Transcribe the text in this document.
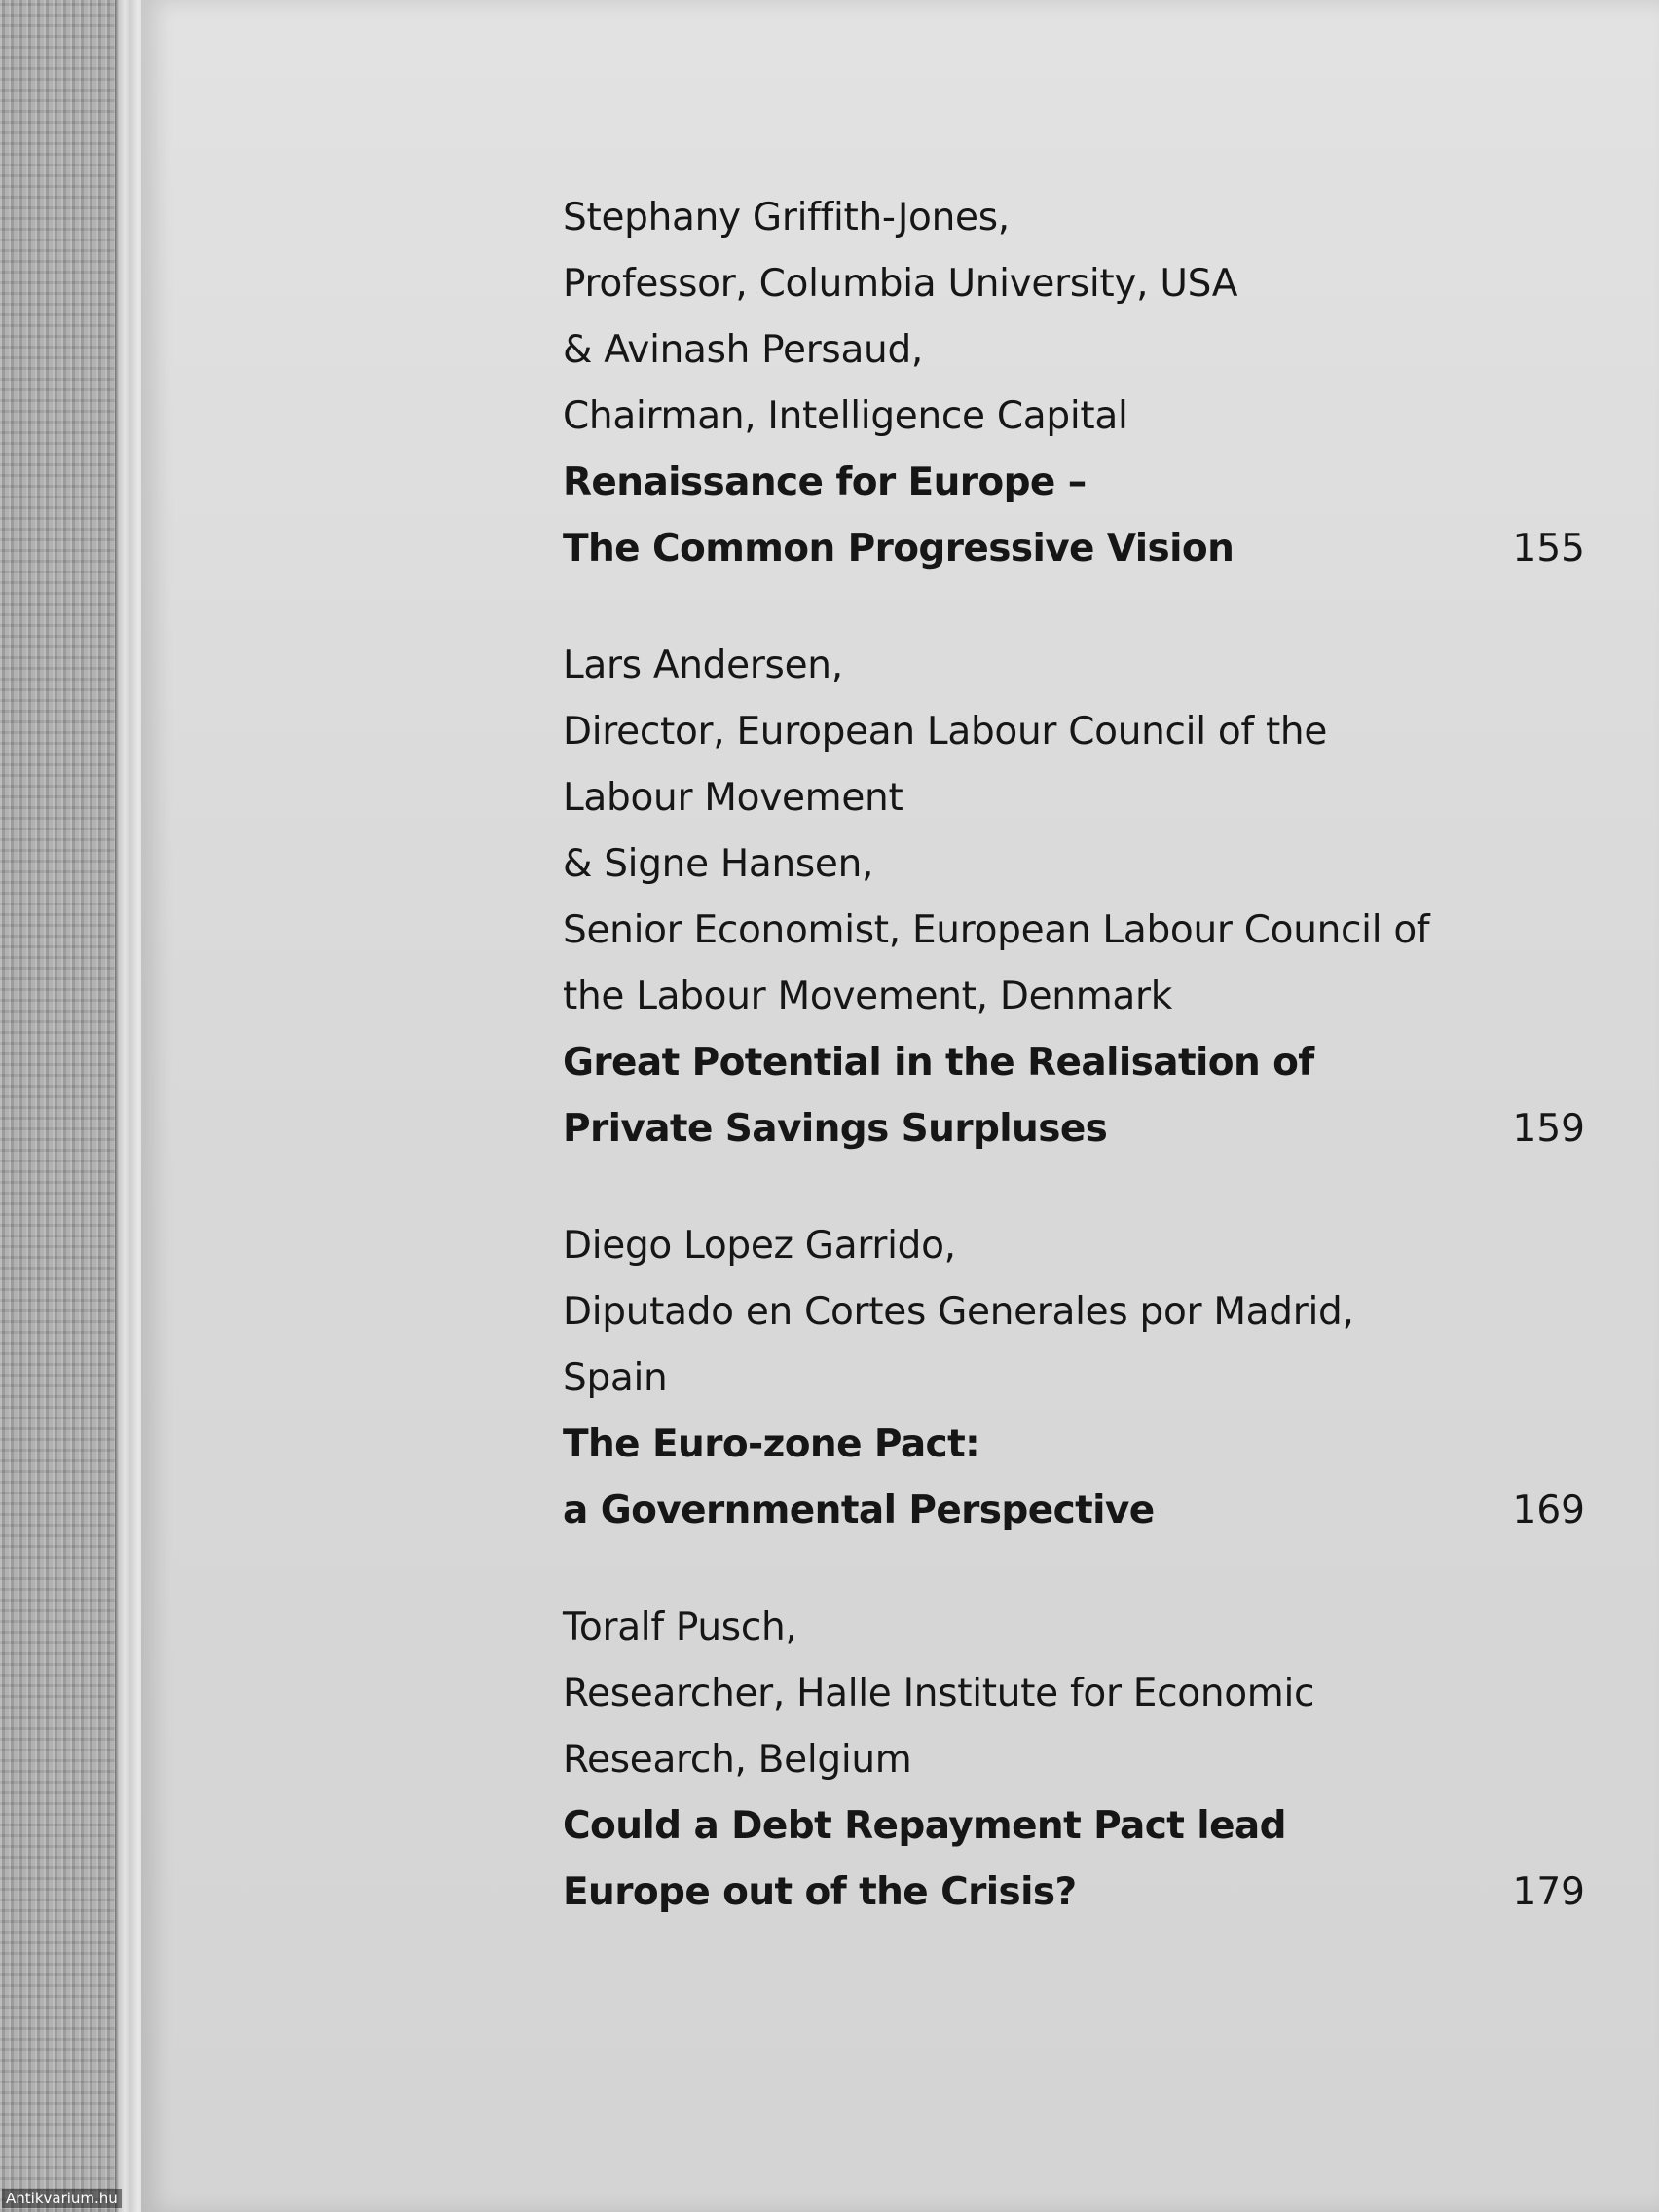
Stephany Griffith-Jones,
Professor, Columbia University, USA
& Avinash Persaud,
Chairman, Intelligence Capital
Renaissance for Europe –
The Common Progressive Vision	155
Lars Andersen,
Director, European Labour Council of the
Labour Movement
& Signe Hansen,
Senior Economist, European Labour Council of
the Labour Movement, Denmark
Great Potential in the Realisation of
Private Savings Surpluses	159
Diego Lopez Garrido,
Diputado en Cortes Generales por Madrid,
Spain
The Euro-zone Pact:
a Governmental Perspective	169
Toralf Pusch,
Researcher, Halle Institute for Economic
Research, Belgium
Could a Debt Repayment Pact lead
Europe out of the Crisis?	179
Antikvarium.hu
